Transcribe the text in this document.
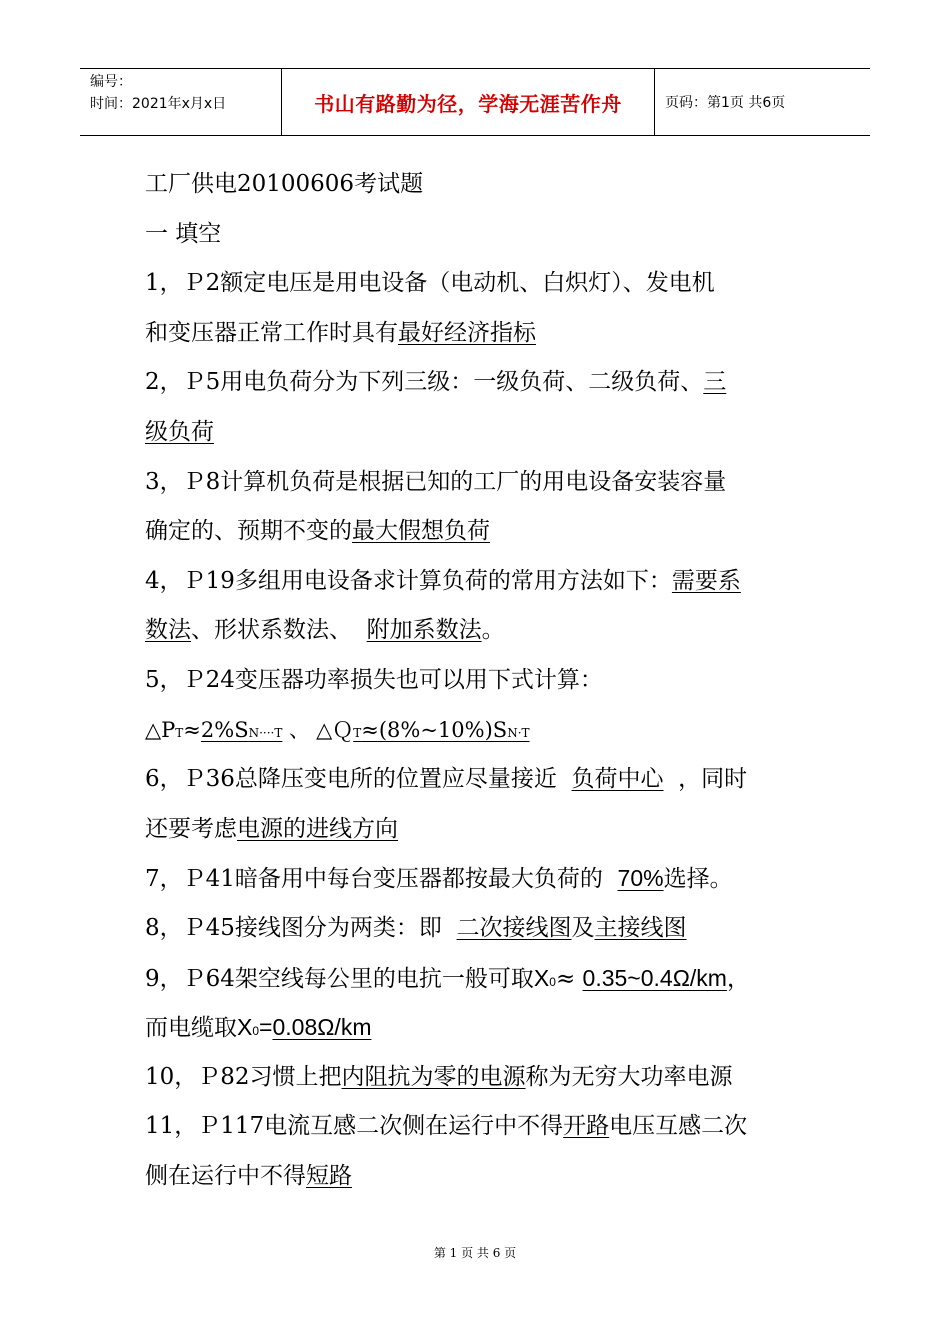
编号：
时间：2021年x月x日	书山有路勤为径，学海无涯苦作舟	页码：第1页 共6页
工厂供电20100606考试题
一 填空
1，Ｐ2额定电压是用电设备（电动机、白炽灯）、发电机
和变压器正常工作时具有最好经济指标
2，Ｐ5用电负荷分为下列三级：一级负荷、二级负荷、三
级负荷
3，Ｐ8计算机负荷是根据已知的工厂的用电设备安装容量
确定的、预期不变的最大假想负荷
4，Ｐ19多组用电设备求计算负荷的常用方法如下：需要系
数法、形状系数法、  附加系数法。
5，Ｐ24变压器功率损失也可以用下式计算：
△PT≈2%SN····T 、 △ＱT≈(8%~10%)SN·T
6，Ｐ36总降压变电所的位置应尽量接近  负荷中心  ，同时
还要考虑电源的进线方向
7，Ｐ41暗备用中每台变压器都按最大负荷的  70%选择。
8，Ｐ45接线图分为两类：即  二次接线图及主接线图
9，Ｐ64架空线每公里的电抗一般可取X0≈ 0.35~0.4Ω/km，
而电缆取X0=0.08Ω/km
10，Ｐ82习惯上把内阻抗为零的电源称为无穷大功率电源
11，Ｐ117电流互感二次侧在运行中不得开路电压互感二次
侧在运行中不得短路
第 1 页 共 6 页
